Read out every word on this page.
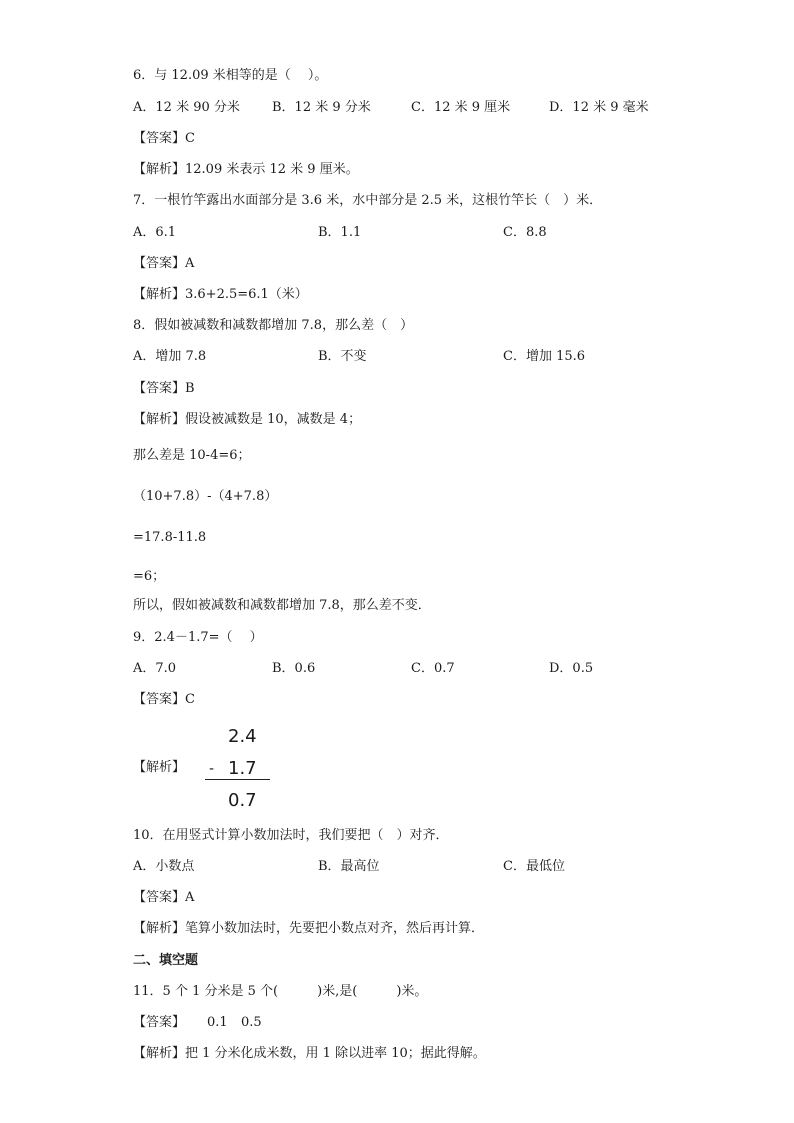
6．与 12.09 米相等的是（　 ）。
A．12 米 90 分米 B．12 米 9 分米	C．12 米 9 厘米	D．12 米 9 毫米
【答案】C
【解析】12.09 米表示 12 米 9 厘米。
7．一根竹竿露出水面部分是 3.6 米，水中部分是 2.5 米，这根竹竿长（　）米．
A．6.1	B．1.1	C．8.8
【答案】A
【解析】3.6+2.5=6.1（米）
8．假如被减数和减数都增加 7.8，那么差（　）
A．增加 7.8	B．不变	C．增加 15.6
【答案】B
【解析】假设被减数是 10，减数是 4；
那么差是 10-4=6；
（10+7.8）-（4+7.8）
=17.8-11.8
=6；
所以，假如被减数和减数都增加 7.8，那么差不变．
9．2.4－1.7=（　 ）
A．7.0	B．0.6	C．0.7	D．0.5
【答案】C
【解析】
2.4
- 1.7
0.7
10．在用竖式计算小数加法时，我们要把（　）对齐．
A．小数点	B．最高位	C．最低位
【答案】A
【解析】笔算小数加法时，先要把小数点对齐，然后再计算．
二、填空题
11．5 个 1 分米是 5 个(　　　)米,是(　　　)米。
【答案】 0.1 0.5
【解析】把 1 分米化成米数，用 1 除以进率 10；据此得解。
